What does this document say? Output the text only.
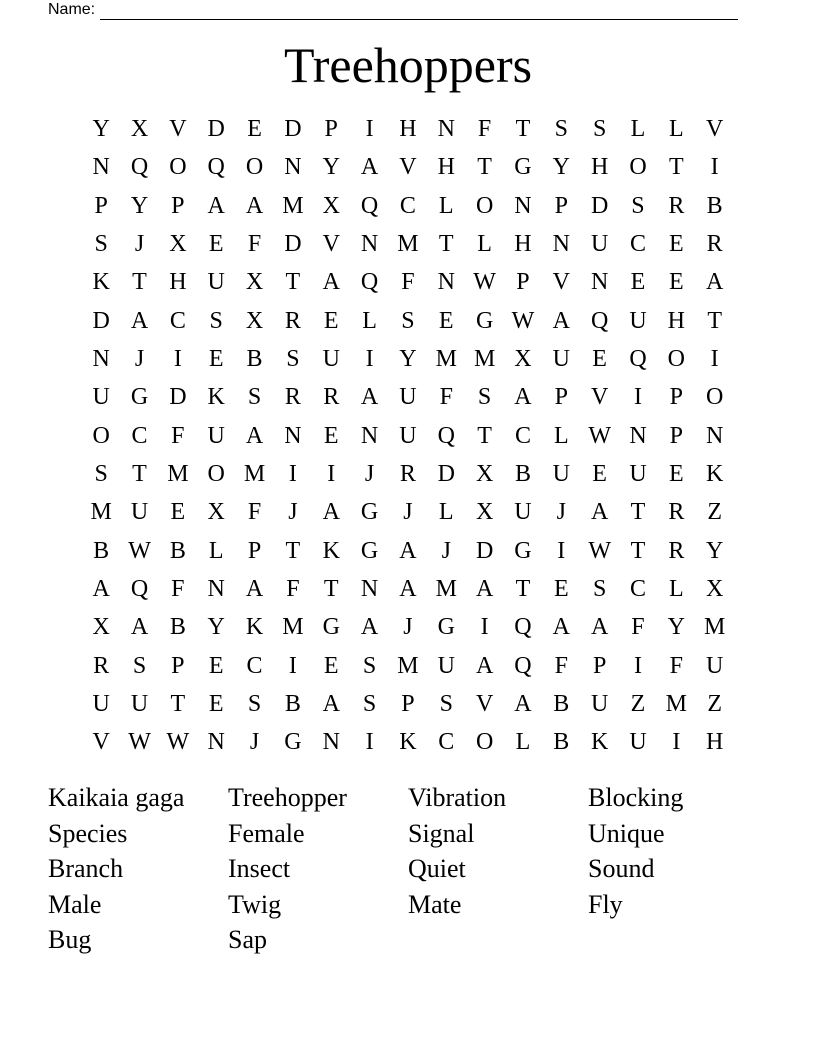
Name:
Treehoppers
Y X V D E D P	I	H N F	T	S	S	L L V
N Q O Q O N Y A V H T G Y H O T	I
P Y P A A M X Q C L O N P D S R B
S	J	X E	F D V N M T L H N U C E R
K T H U X T A Q F N W P V N E E A
D A C S X R E L	S	E G W A Q U H T
N	J	I	E B S U	I	Y M M X U E Q O	I
U G D K S R R A U F	S A P V	I	P O
O C F U A N E N U Q T C L W N P N
S	T M O M I	I	J	R D X B U E U E K
M U E X F	J	A G	J	L X U	J	A T R Z
B W B L	P	T K G A	J	D G	I W T R Y
A Q F N A F	T N A M A T E	S C L X
X A B Y K M G A	J	G	I	Q A A F Y M
R S	P	E C	I	E	S M U A Q F	P	I	F U
U U T E	S B A S	P	S V A B U Z M Z
V W W N	J	G N	I	K C O L B K U	I	H
Kaikaia gaga	Treehopper	Vibration	Blocking
Species	Female	Signal	Unique
Branch	Insect	Quiet	Sound
Male	Twig	Mate	Fly
Bug	Sap
